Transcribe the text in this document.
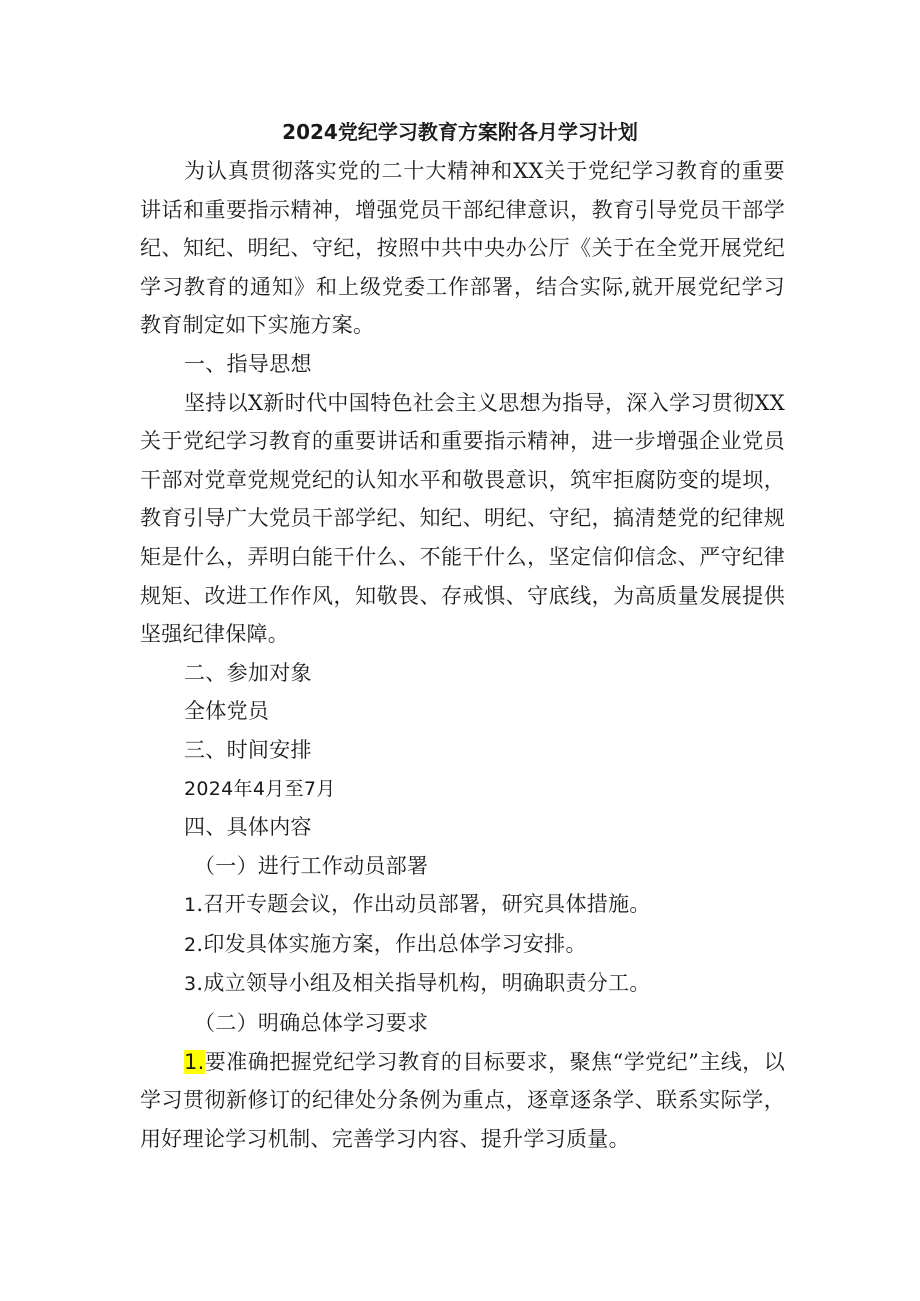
2024党纪学习教育方案附各月学习计划

为认真贯彻落实党的二十大精神和XX关于党纪学习教育的重要讲话和重要指示精神，增强党员干部纪律意识，教育引导党员干部学纪、知纪、明纪、守纪，按照中共中央办公厅《关于在全党开展党纪学习教育的通知》和上级党委工作部署，结合实际,就开展党纪学习教育制定如下实施方案。

一、指导思想

坚持以X新时代中国特色社会主义思想为指导，深入学习贯彻XX关于党纪学习教育的重要讲话和重要指示精神，进一步增强企业党员干部对党章党规党纪的认知水平和敬畏意识，筑牢拒腐防变的堤坝，教育引导广大党员干部学纪、知纪、明纪、守纪，搞清楚党的纪律规矩是什么，弄明白能干什么、不能干什么，坚定信仰信念、严守纪律规矩、改进工作作风，知敬畏、存戒惧、守底线，为高质量发展提供坚强纪律保障。

二、参加对象

全体党员

三、时间安排

2024年4月至7月

四、具体内容

（一）进行工作动员部署

1.召开专题会议，作出动员部署，研究具体措施。

2.印发具体实施方案，作出总体学习安排。

3.成立领导小组及相关指导机构，明确职责分工。

（二）明确总体学习要求

1.要准确把握党纪学习教育的目标要求，聚焦“学党纪”主线，以学习贯彻新修订的纪律处分条例为重点，逐章逐条学、联系实际学，用好理论学习机制、完善学习内容、提升学习质量。
